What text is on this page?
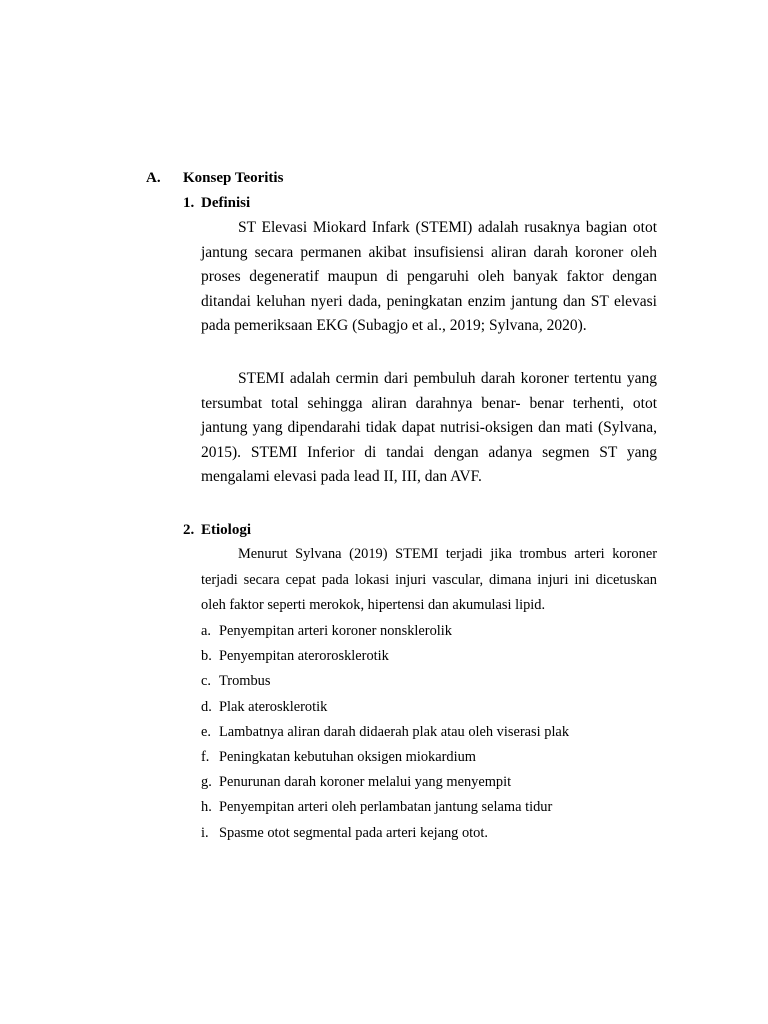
A. Konsep Teoritis
1. Definisi

ST Elevasi Miokard Infark (STEMI) adalah rusaknya bagian otot jantung secara permanen akibat insufisiensi aliran darah koroner oleh proses degeneratif maupun di pengaruhi oleh banyak faktor dengan ditandai keluhan nyeri dada, peningkatan enzim jantung dan ST elevasi pada pemeriksaan EKG (Subagjo et al., 2019; Sylvana, 2020).

STEMI adalah cermin dari pembuluh darah koroner tertentu yang tersumbat total sehingga aliran darahnya benar- benar terhenti, otot jantung yang dipendarahi tidak dapat nutrisi-oksigen dan mati (Sylvana, 2015). STEMI Inferior di tandai dengan adanya segmen ST yang mengalami elevasi pada lead II, III, dan AVF.

2. Etiologi

Menurut Sylvana (2019) STEMI terjadi jika trombus arteri koroner terjadi secara cepat pada lokasi injuri vascular, dimana injuri ini dicetuskan oleh faktor seperti merokok, hipertensi dan akumulasi lipid.

a. Penyempitan arteri koroner nonsklerolik
b. Penyempitan aterorosklerotik
c. Trombus
d. Plak aterosklerotik
e. Lambatnya aliran darah didaerah plak atau oleh viserasi plak
f. Peningkatan kebutuhan oksigen miokardium
g. Penurunan darah koroner melalui yang menyempit
h. Penyempitan arteri oleh perlambatan jantung selama tidur
i. Spasme otot segmental pada arteri kejang otot.
